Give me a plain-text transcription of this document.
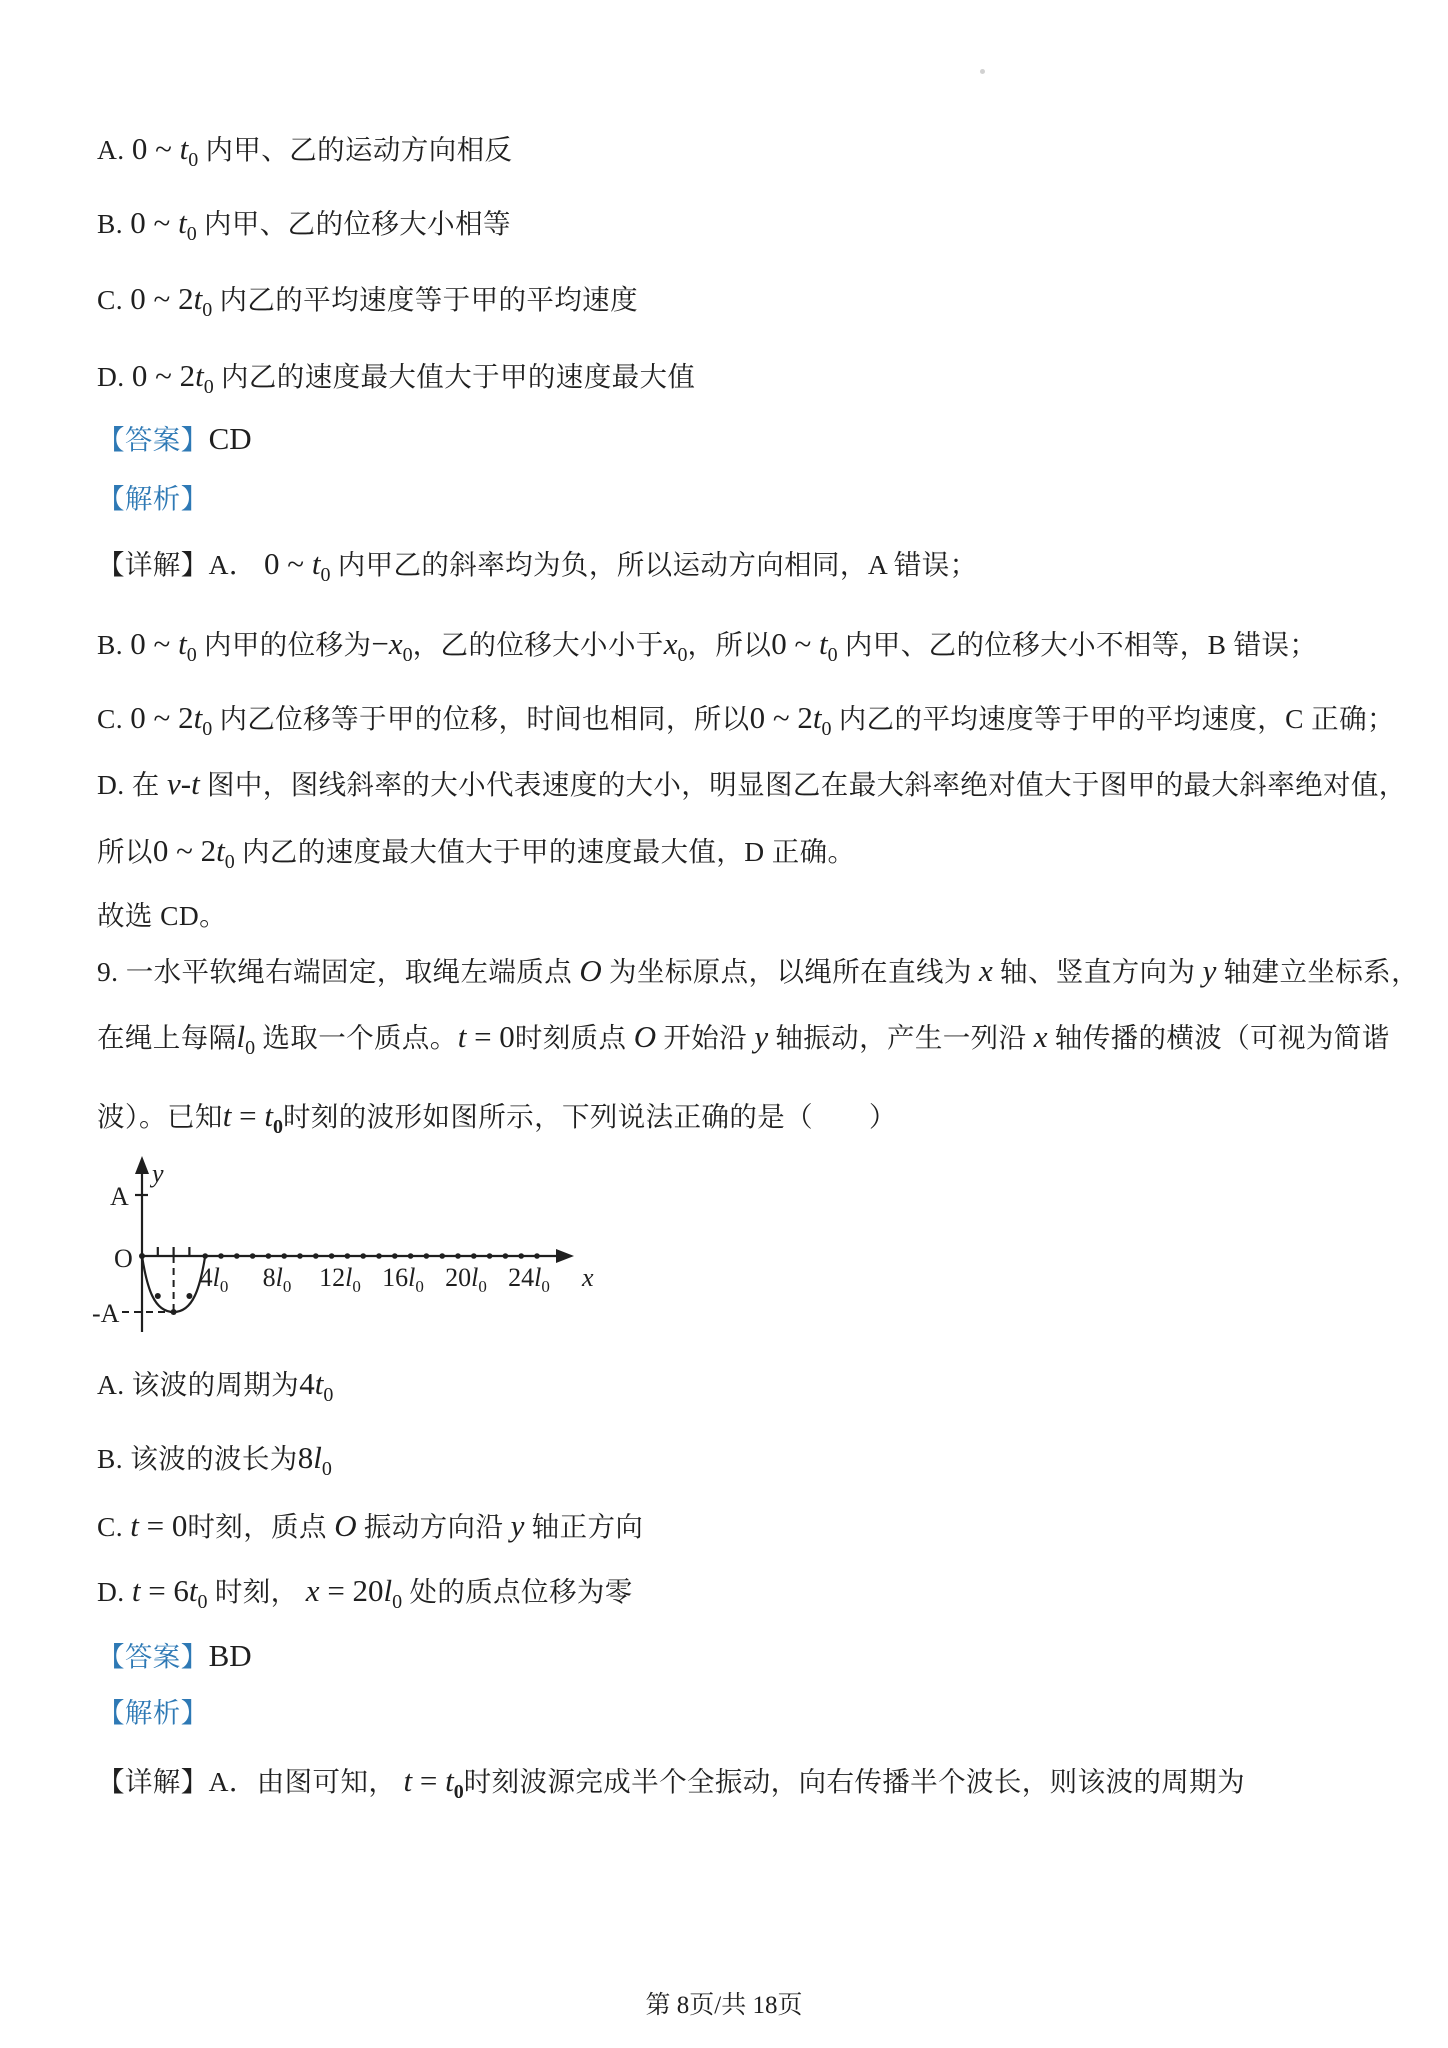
A. 0 ~ $t_0$ 内甲、乙的运动方向相反
B. 0 ~ $t_0$ 内甲、乙的位移大小相等
C. 0 ~ $2t_0$ 内乙的平均速度等于甲的平均速度
D. 0 ~ $2t_0$ 内乙的速度最大值大于甲的速度最大值
【答案】CD
【解析】
【详解】A． 0 ~ $t_0$ 内甲乙的斜率均为负，所以运动方向相同，A 错误；
B. 0 ~ $t_0$ 内甲的位移为$-x_0$，乙的位移大小小于$x_0$，所以0 ~ $t_0$ 内甲、乙的位移大小不相等，B 错误；
C. 0 ~ $2t_0$ 内乙位移等于甲的位移，时间也相同，所以0 ~ $2t_0$ 内乙的平均速度等于甲的平均速度，C 正确；
D. 在 v-t 图中，图线斜率的大小代表速度的大小，明显图乙在最大斜率绝对值大于图甲的最大斜率绝对值，
所以0 ~ $2t_0$ 内乙的速度最大值大于甲的速度最大值，D 正确。
故选 CD。
9. 一水平软绳右端固定，取绳左端质点 O 为坐标原点，以绳所在直线为 x 轴、竖直方向为 y 轴建立坐标系，
在绳上每隔$l_0$ 选取一个质点。t = 0时刻质点 O 开始沿 y 轴振动，产生一列沿 x 轴传播的横波（可视为简谐
波）。已知$t = t_0$时刻的波形如图所示，下列说法正确的是（　　）
A. 该波的周期为$4t_0$
B. 该波的波长为$8l_0$
C. t = 0时刻，质点 O 振动方向沿 y 轴正方向
D. $t = 6t_0$ 时刻， $x = 20l_0$ 处的质点位移为零
【答案】BD
【解析】
【详解】A．由图可知， $t = t_0$时刻波源完成半个全振动，向右传播半个波长，则该波的周期为
y
A
O
-A
x
$4l_0$ $8l_0$ $12l_0$ $16l_0$ $20l_0$ $24l_0$
第 8页/共 18页
